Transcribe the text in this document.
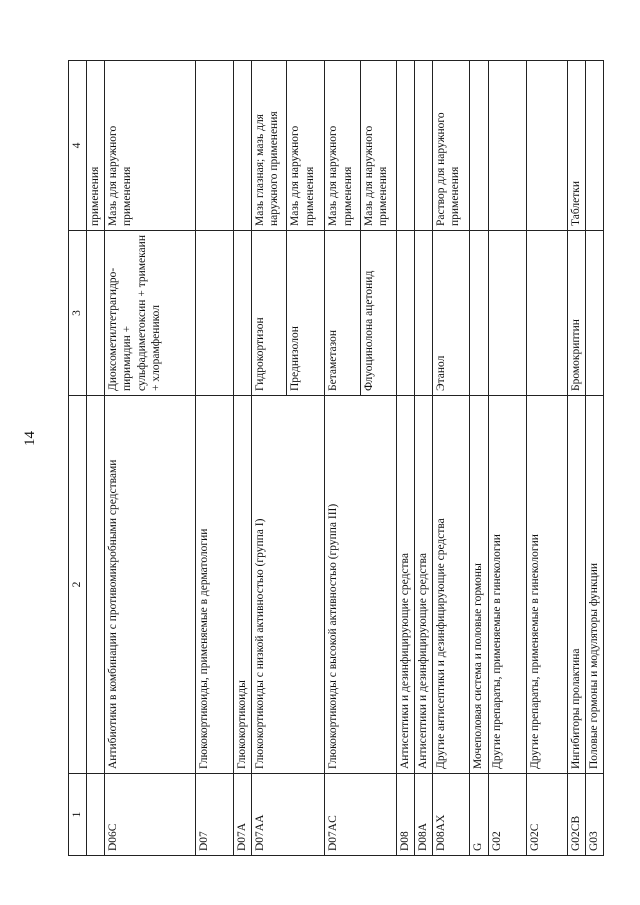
14
1	2	3	4
			применения
D06C	Антибиотики в комбинации с противомикробными средствами	Диоксометилтетрагидро-пиримидин + сульфадиметоксин + тримекаин + хлорамфеникол	Мазь для наружного применения
D07	Глюкокортикоиды, применяемые в дерматологии		
D07A	Глюкокортикоиды		
D07AA	Глюкокортикоиды с низкой активностью (группа I)	Гидрокортизон	Мазь глазная; мазь для наружного применения
		Преднизолон	Мазь для наружного применения
D07AC	Глюкокортикоиды с высокой активностью (группа III)	Бетаметазон	Мазь для наружного применения
		Флуоцинолона ацетонид	Мазь для наружного применения
D08	Антисептики и дезинфицирующие средства		
D08A	Антисептики и дезинфицирующие средства		
D08AX	Другие антисептики и дезинфицирующие средства	Этанол	Раствор для наружного применения
G	Мочеполовая система и половые гормоны		
G02	Другие препараты, применяемые в гинекологии		
G02C	Другие препараты, применяемые в гинекологии		
G02CB	Ингибиторы пролактина	Бромокриптин	Таблетки
G03	Половые гормоны и модуляторы функции		
